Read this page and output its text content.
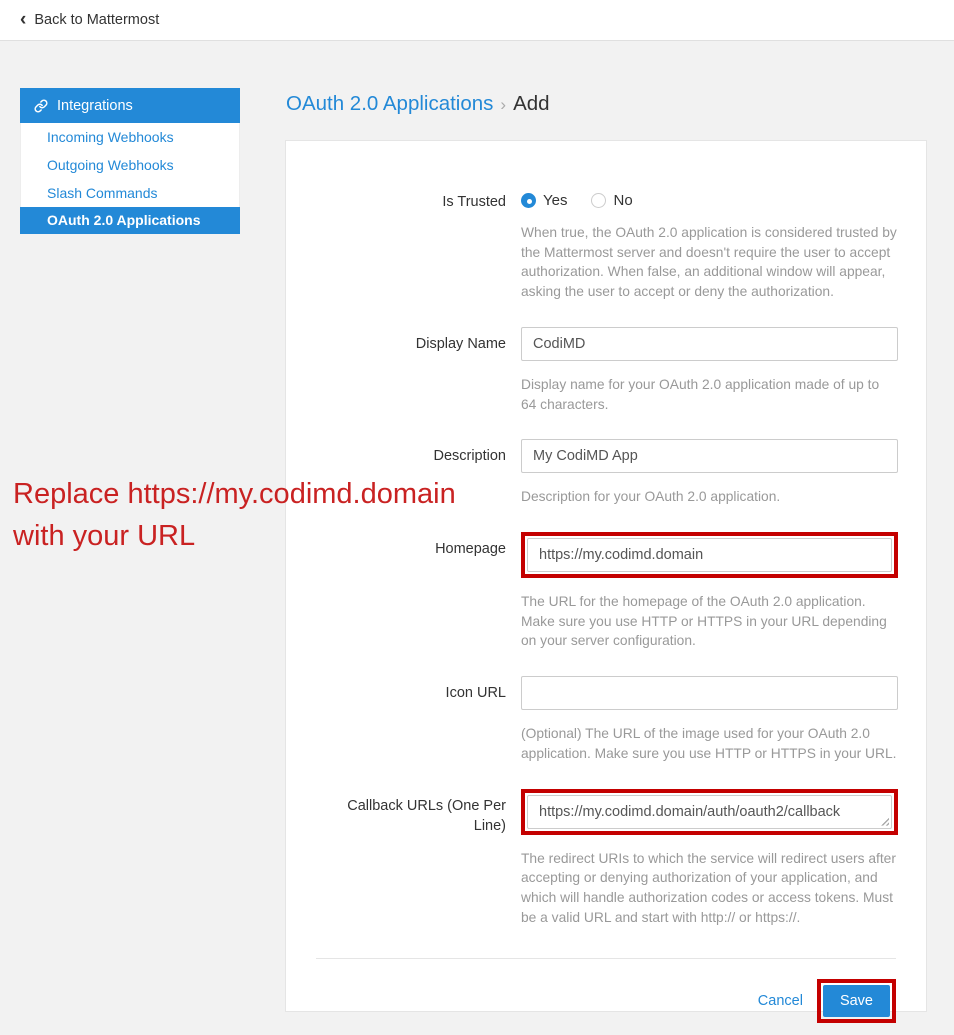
‹ Back to Mattermost
Integrations
Incoming Webhooks
Outgoing Webhooks
Slash Commands
OAuth 2.0 Applications
OAuth 2.0 Applications › Add
Is Trusted Yes	No
When true, the OAuth 2.0 application is considered trusted by the Mattermost server and doesn't require the user to accept authorization. When false, an additional window will appear, asking the user to accept or deny the authorization.
Display Name
CodiMD
Display name for your OAuth 2.0 application made of up to 64 characters.
Description
My CodiMD App
Description for your OAuth 2.0 application.
Homepage
https://my.codimd.domain
The URL for the homepage of the OAuth 2.0 application. Make sure you use HTTP or HTTPS in your URL depending on your server configuration.
Icon URL
(Optional) The URL of the image used for your OAuth 2.0 application. Make sure you use HTTP or HTTPS in your URL.
Callback URLs (One Per Line)
https://my.codimd.domain/auth/oauth2/callback
The redirect URIs to which the service will redirect users after accepting or denying authorization of your application, and which will handle authorization codes or access tokens. Must be a valid URL and start with http:// or https://.
Cancel	Save
Replace https://my.codimd.domain with your URL
